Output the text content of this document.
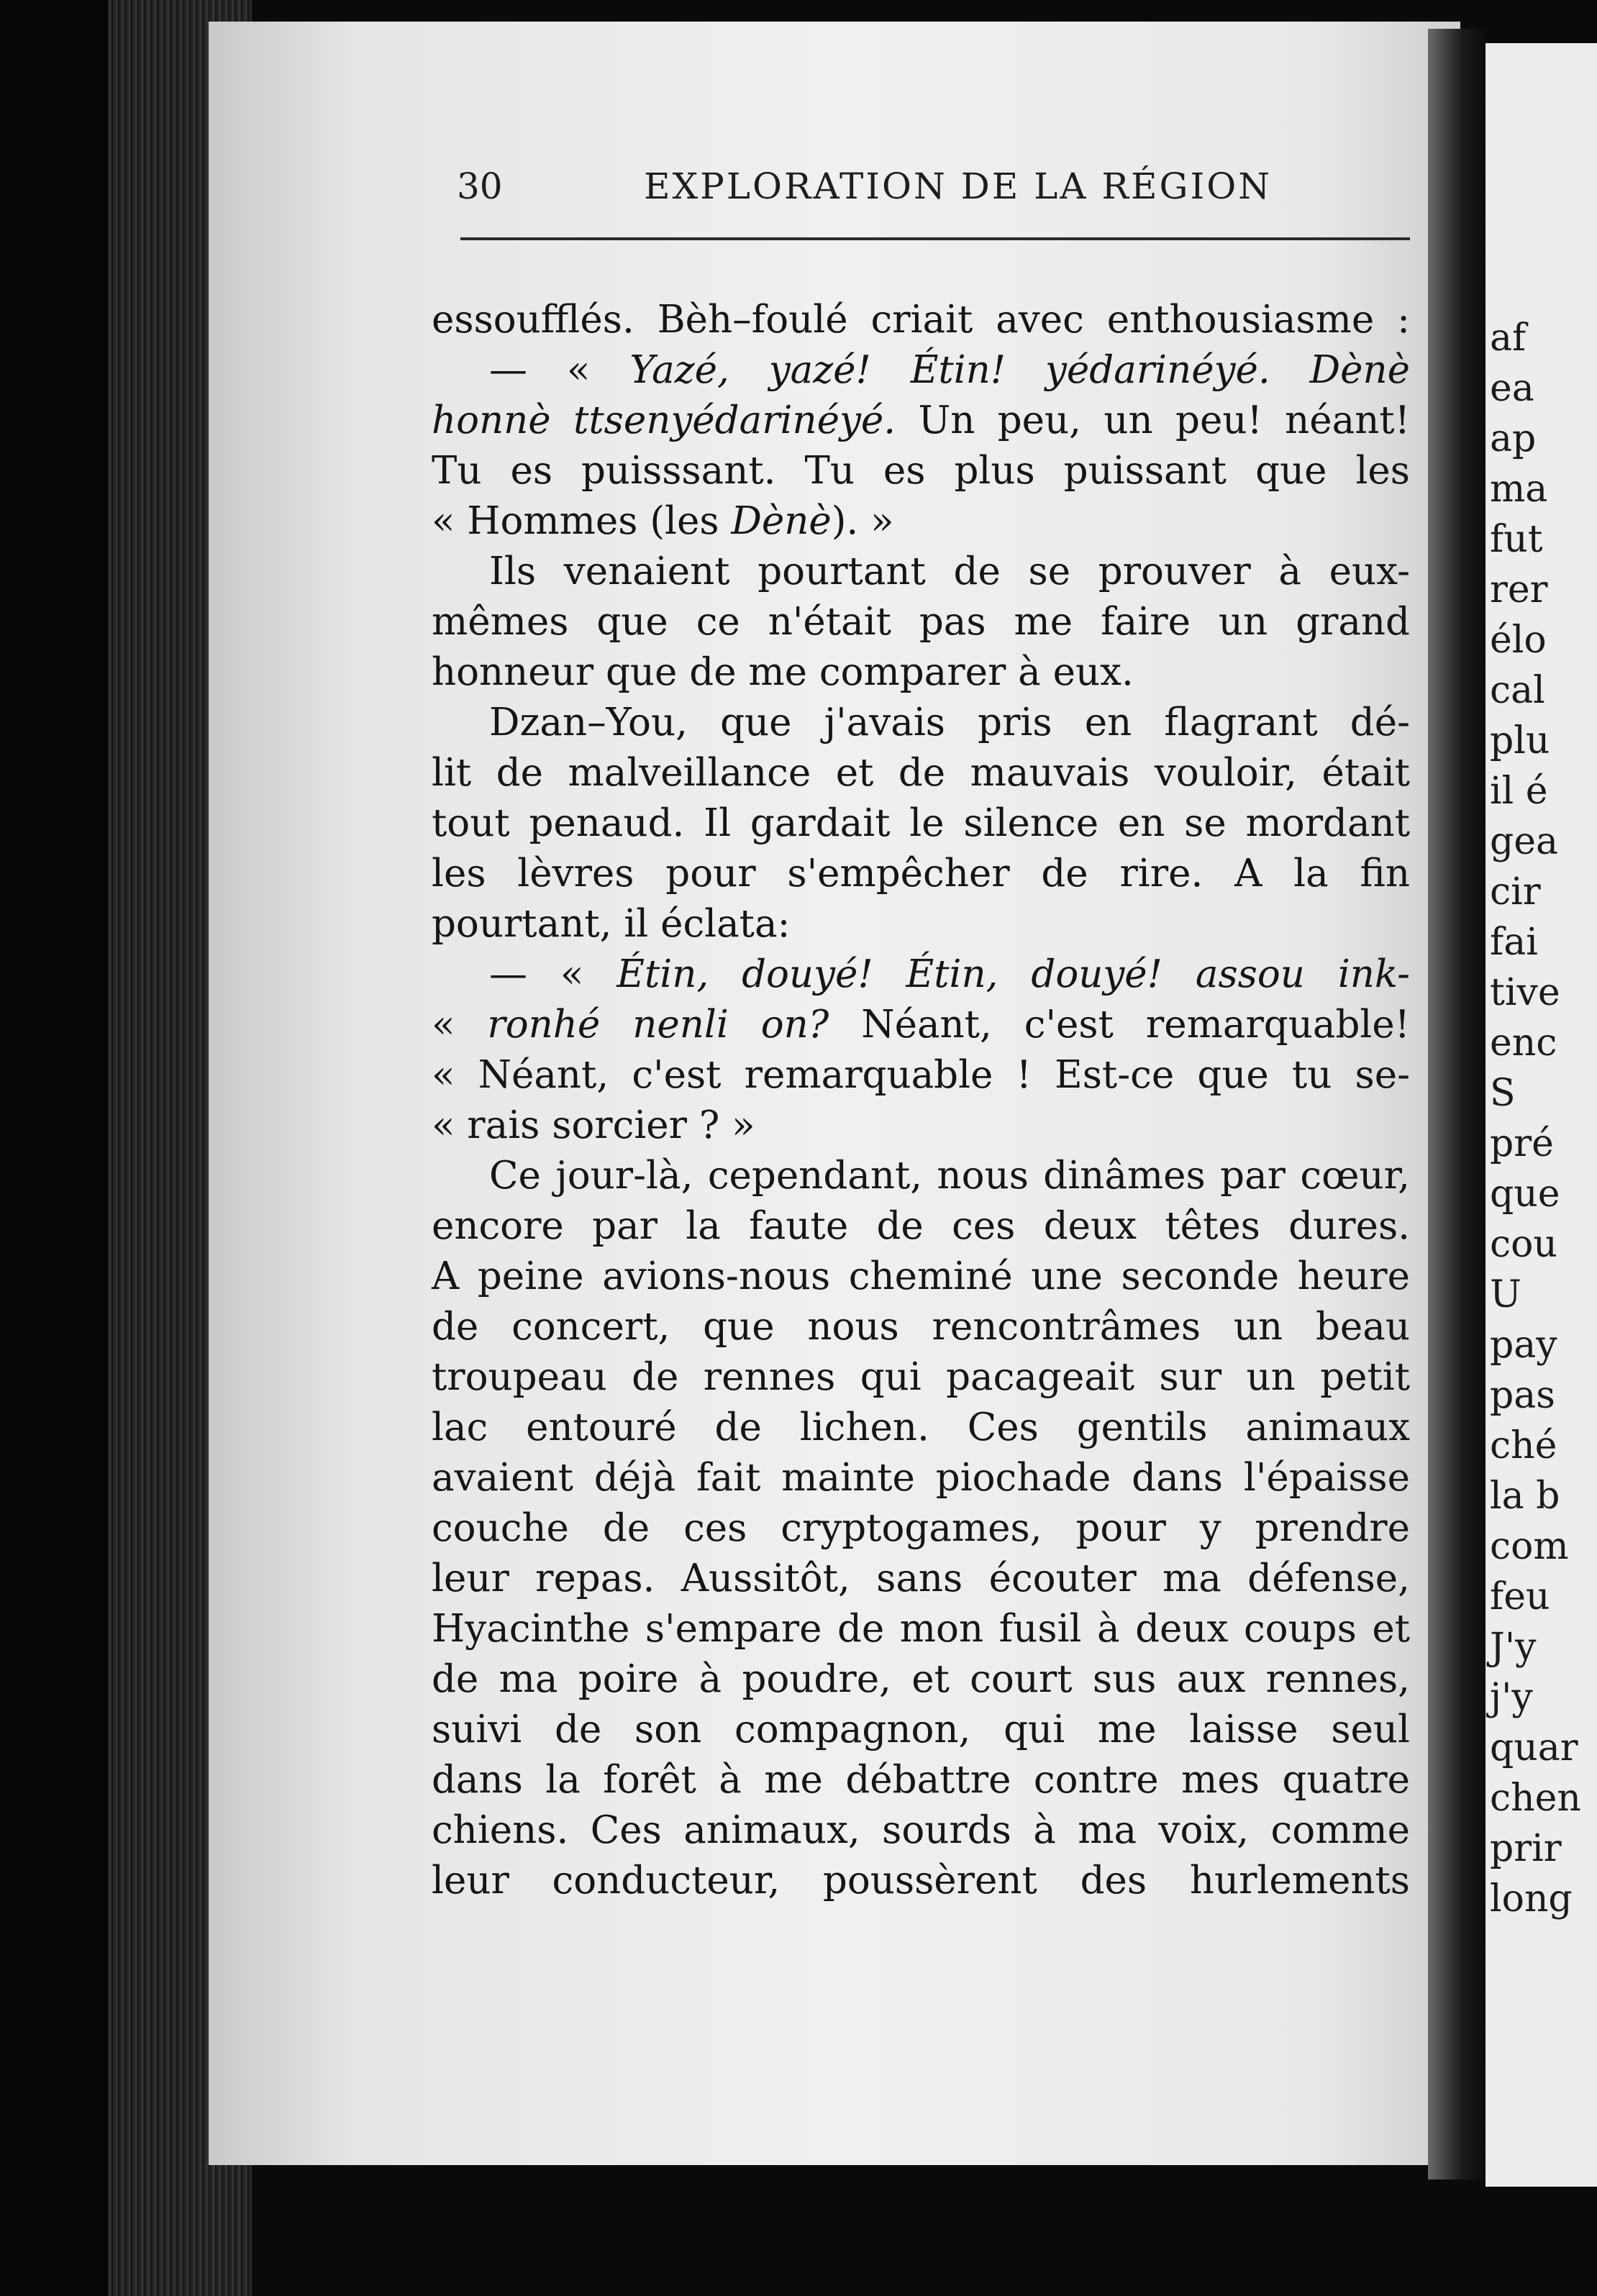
af
ea
ap
ma
fut
rer
élo
cal
plu
il é
gea
cir
fai
tive
enc
S
pré
que
cou
U
pay
pas
ché
la b
com
feu
J'y
j'y
quar
chen
prir
long
30	EXPLORATION DE LA RÉGION
essoufflés. Bèh–foulé criait avec enthousiasme :
— « Yazé, yazé! Étin! yédarinéyé. Dènè
honnè ttsenyédarinéyé. Un peu, un peu! néant!
Tu es puisssant. Tu es plus puissant que les
« Hommes (les Dènè). »
Ils venaient pourtant de se prouver à eux-
mêmes que ce n'était pas me faire un grand
honneur que de me comparer à eux.
Dzan–You, que j'avais pris en flagrant dé-
lit de malveillance et de mauvais vouloir, était
tout penaud. Il gardait le silence en se mordant
les lèvres pour s'empêcher de rire. A la fin
pourtant, il éclata:
— « Étin, douyé! Étin, douyé! assou ink-
« ronhé nenli on? Néant, c'est remarquable!
« Néant, c'est remarquable ! Est-ce que tu se-
« rais sorcier ? »
Ce jour-là, cependant, nous dinâmes par cœur,
encore par la faute de ces deux têtes dures.
A peine avions-nous cheminé une seconde heure
de concert, que nous rencontrâmes un beau
troupeau de rennes qui pacageait sur un petit
lac entouré de lichen. Ces gentils animaux
avaient déjà fait mainte piochade dans l'épaisse
couche de ces cryptogames, pour y prendre
leur repas. Aussitôt, sans écouter ma défense,
Hyacinthe s'empare de mon fusil à deux coups et
de ma poire à poudre, et court sus aux rennes,
suivi de son compagnon, qui me laisse seul
dans la forêt à me débattre contre mes quatre
chiens. Ces animaux, sourds à ma voix, comme
leur conducteur, poussèrent des hurlements
